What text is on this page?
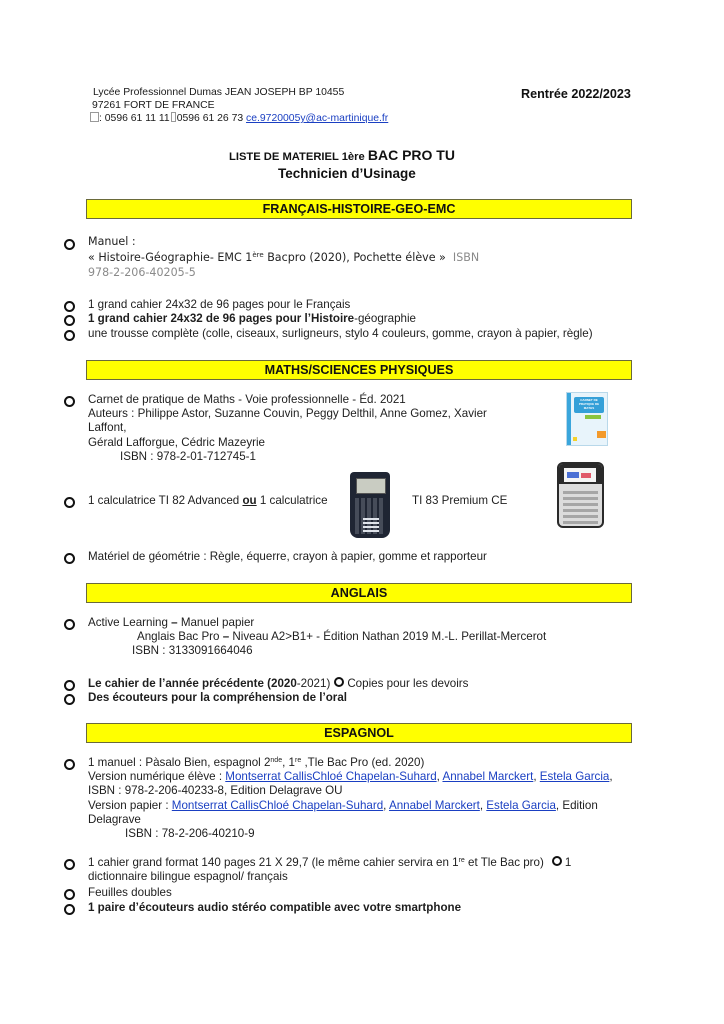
Lycée Professionnel Dumas JEAN JOSEPH BP 10455
97261 FORT DE FRANCE
: 0596 61 11 11 0596 61 26 73 ce.9720005y@ac-martinique.fr
Rentrée 2022/2023
LISTE DE MATERIEL 1ère BAC PRO TU
Technicien d’Usinage
FRANÇAIS-HISTOIRE-GEO-EMC
Manuel :
« Histoire-Géographie- EMC 1ère Bacpro (2020), Pochette élève » ISBN
978-2-206-40205-5
1 grand cahier 24x32 de 96 pages pour le Français
1 grand cahier 24x32 de 96 pages pour l’Histoire-géographie
une trousse complète (colle, ciseaux, surligneurs, stylo 4 couleurs, gomme, crayon à papier, règle)
MATHS/SCIENCES PHYSIQUES
Carnet de pratique de Maths - Voie professionnelle - Éd. 2021
Auteurs : Philippe Astor, Suzanne Couvin, Peggy Delthil, Anne Gomez, Xavier
Laffont,
Gérald Lafforgue, Cédric Mazeyrie
ISBN : 978-2-01-712745-1
CARNET DE PRATIQUE DE MATHS
1 calculatrice TI 82 Advanced ou 1 calculatrice	TI 83 Premium CE
Matériel de géométrie : Règle, équerre, crayon à papier, gomme et rapporteur
ANGLAIS
Active Learning – Manuel papier
Anglais Bac Pro – Niveau A2>B1+ - Édition Nathan 2019 M.-L. Perillat-Mercerot
ISBN : 3133091664046
Le cahier de l’année précédente (2020-2021) Copies pour les devoirs
Des écouteurs pour la compréhension de l’oral
ESPAGNOL
1 manuel : Pàsalo Bien, espagnol 2nde, 1re ,Tle Bac Pro (ed. 2020)
Version numérique élève : Montserrat CallisChloé Chapelan-Suhard, Annabel Marckert, Estela Garcia,
ISBN : 978-2-206-40233-8, Edition Delagrave OU
Version papier : Montserrat CallisChloé Chapelan-Suhard, Annabel Marckert, Estela Garcia, Edition
Delagrave
ISBN : 78-2-206-40210-9
1 cahier grand format 140 pages 21 X 29,7 (le même cahier servira en 1re et Tle Bac pro) 1
dictionnaire bilingue espagnol/ français
Feuilles doubles
1 paire d’écouteurs audio stéréo compatible avec votre smartphone
